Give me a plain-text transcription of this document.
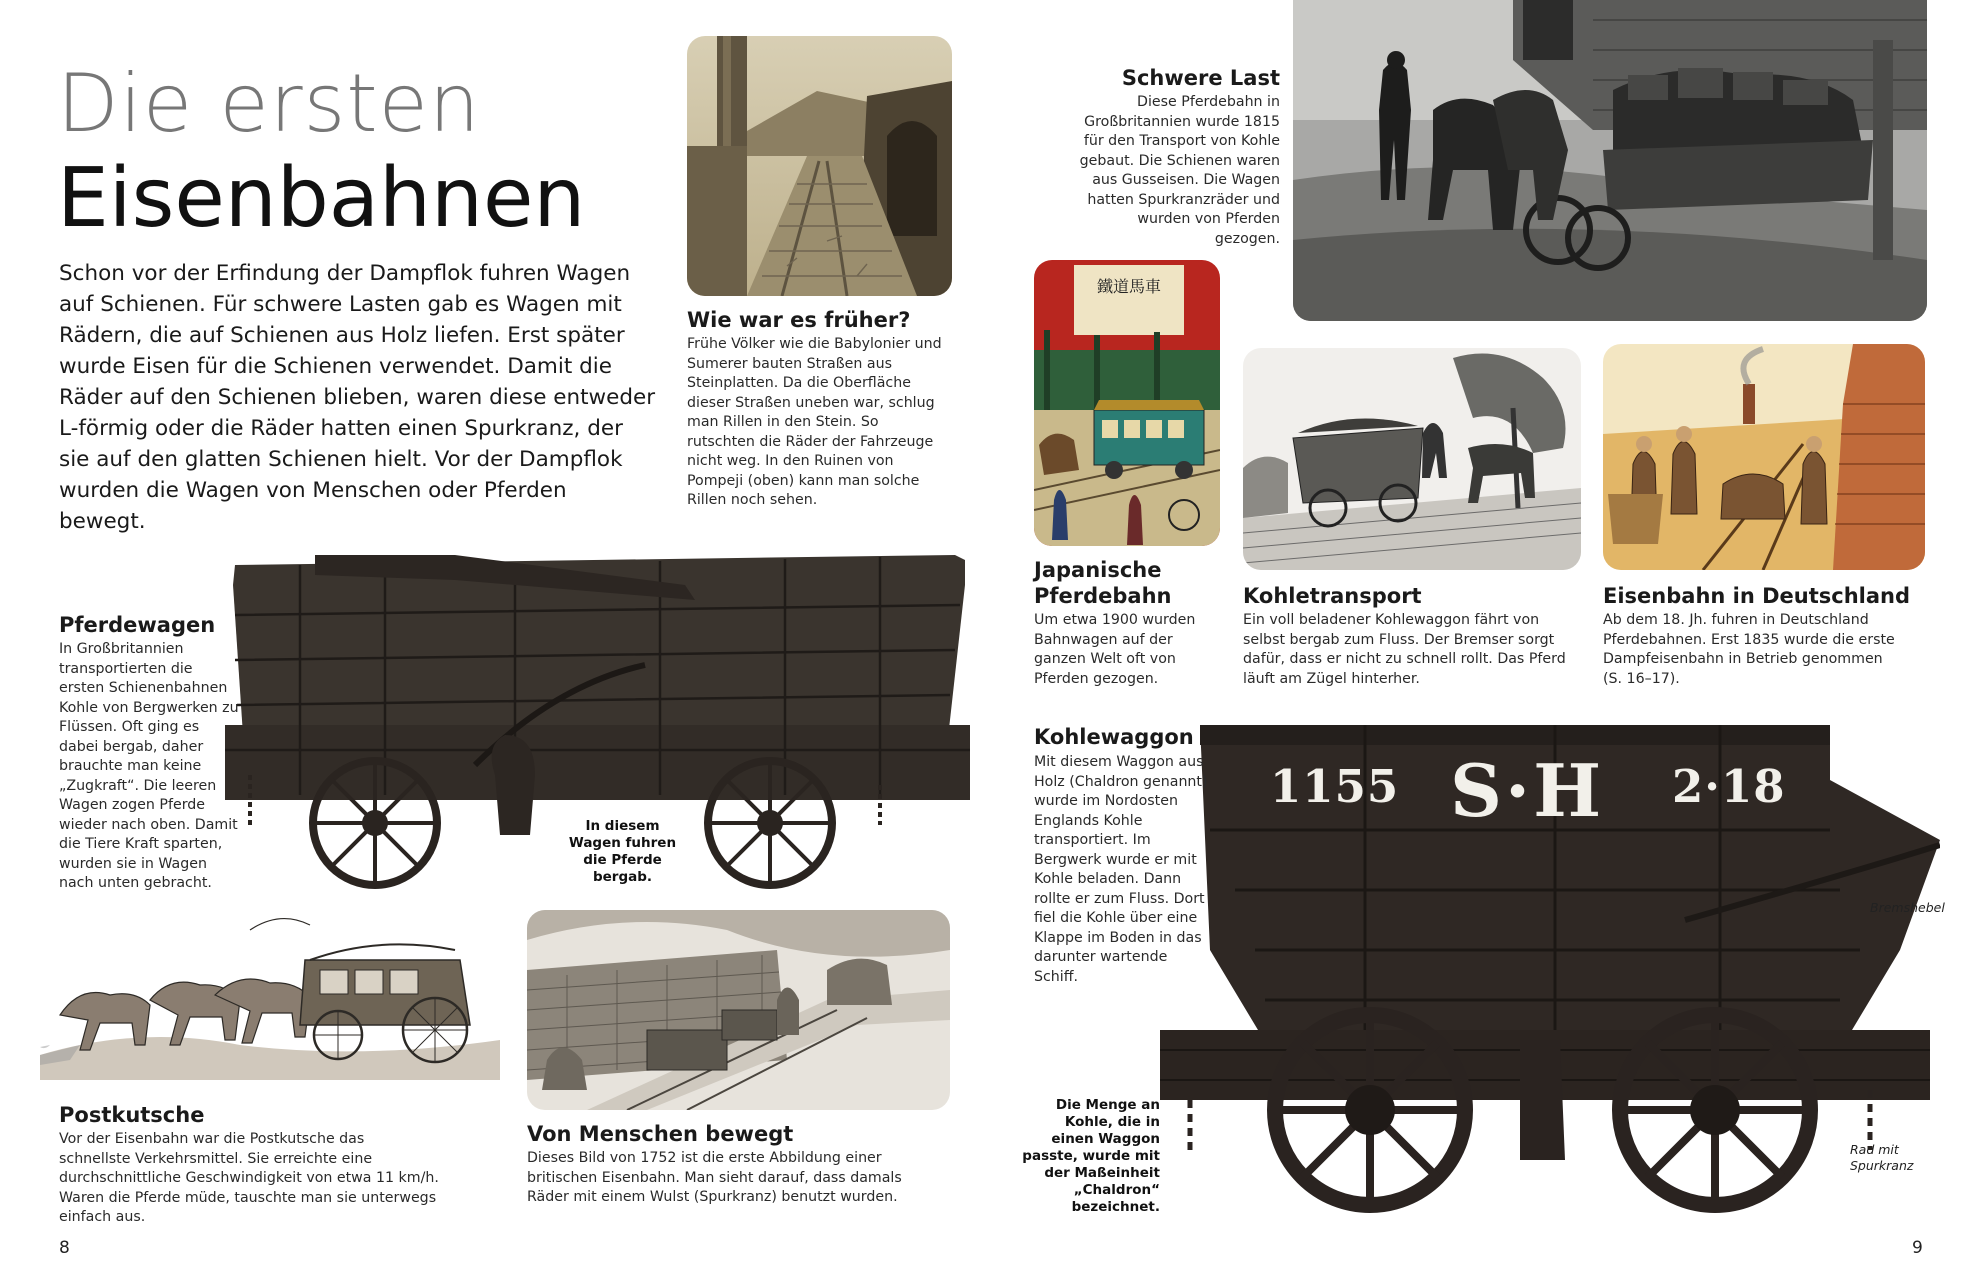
Die ersten
Eisenbahnen
Schon vor der Erfindung der Dampflok fuhren Wagen auf Schienen. Für schwere Lasten gab es Wagen mit Rädern, die auf Schienen aus Holz liefen. Erst später wurde Eisen für die Schienen verwendet. Damit die Räder auf den Schienen blieben, waren diese entweder L-förmig oder die Räder hatten einen Spurkranz, der sie auf den glatten Schienen hielt. Vor der Dampflok wurden die Wagen von Menschen oder Pferden bewegt.
Wie war es früher?
Frühe Völker wie die Babylonier und Sumerer bauten Straßen aus Steinplatten. Da die Oberfläche dieser Straßen uneben war, schlug man Rillen in den Stein. So rutschten die Räder der Fahrzeuge nicht weg. In den Ruinen von Pompeji (oben) kann man solche Rillen noch sehen.
Pferdewagen
In Großbritannien transportierten die ersten Schienenbahnen Kohle von Bergwerken zu Flüssen. Oft ging es dabei bergab, daher brauchte man keine „Zugkraft“. Die leeren Wagen zogen Pferde wieder nach oben. Damit die Tiere Kraft sparten, wurden sie in Wagen nach unten gebracht.
In diesem Wagen fuhren die Pferde bergab.
Postkutsche
Vor der Eisenbahn war die Postkutsche das schnellste Verkehrsmittel. Sie erreichte eine durchschnittliche Geschwindigkeit von etwa 11 km/h. Waren die Pferde müde, tauschte man sie unterwegs einfach aus.
Von Menschen bewegt
Dieses Bild von 1752 ist die erste Abbildung einer britischen Eisenbahn. Man sieht darauf, dass damals Räder mit einem Wulst (Spurkranz) benutzt wurden.
8
Schwere Last
Diese Pferdebahn in Großbritannien wurde 1815 für den Transport von Kohle gebaut. Die Schienen waren aus Gusseisen. Die Wagen hatten Spurkranzräder und wurden von Pferden gezogen.
鐵道馬車
Japanische Pferdebahn
Um etwa 1900 wurden Bahnwagen auf der ganzen Welt oft von Pferden gezogen.
Kohletransport
Ein voll beladener Kohlewaggon fährt von selbst bergab zum Fluss. Der Bremser sorgt dafür, dass er nicht zu schnell rollt. Das Pferd läuft am Zügel hinterher.
Eisenbahn in Deutschland
Ab dem 18. Jh. fuhren in Deutschland Pferdebahnen. Erst 1835 wurde die erste Dampfeisenbahn in Betrieb genommen (S. 16–17).
1155 S·H 2·18
Kohlewaggon
Mit diesem Waggon aus Holz (Chaldron genannt) wurde im Nordosten Englands Kohle transportiert. Im Bergwerk wurde er mit Kohle beladen. Dann rollte er zum Fluss. Dort fiel die Kohle über eine Klappe im Boden in das darunter wartende Schiff.
Die Menge an Kohle, die in einen Waggon passte, wurde mit der Maßeinheit „Chaldron“ bezeichnet.
Bremshebel
Rad mit Spurkranz
9
